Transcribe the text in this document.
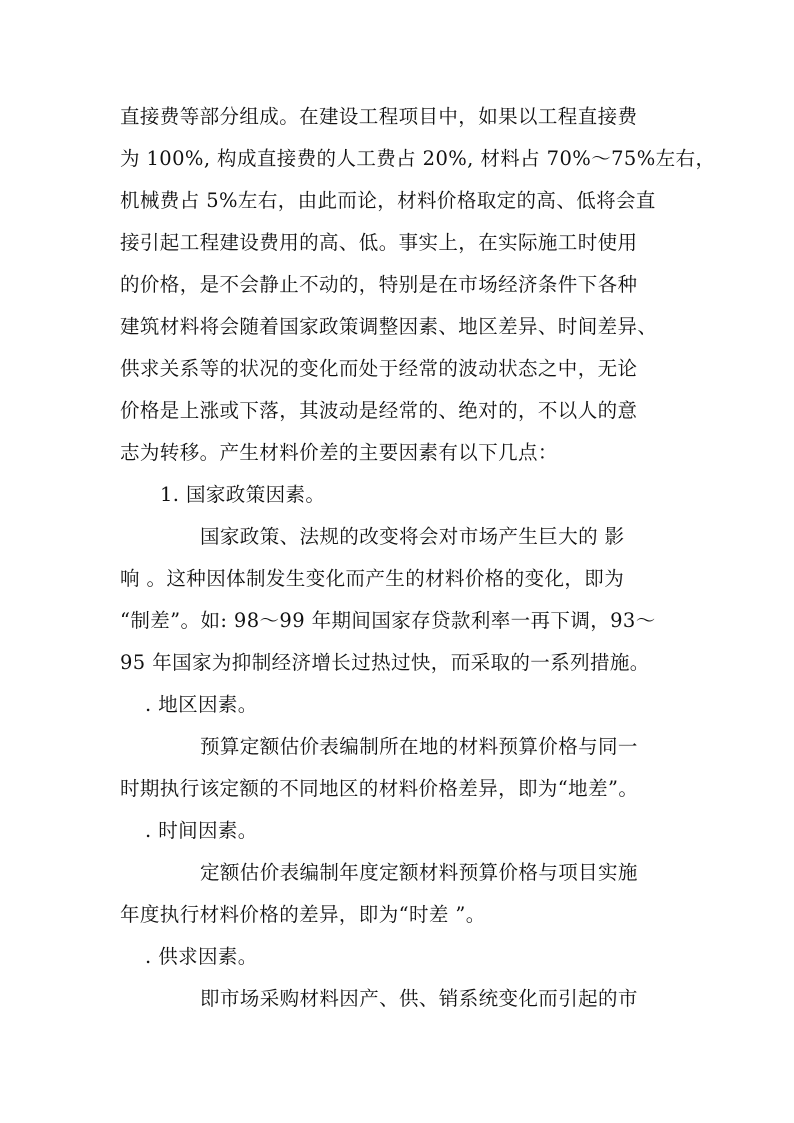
直接费等部分组成。在建设工程项目中，如果以工程直接费
为 100%, 构成直接费的人工费占 20%, 材料占 70%～75%左右，
机械费占 5%左右，由此而论，材料价格取定的高、低将会直
接引起工程建设费用的高、低。事实上，在实际施工时使用
的价格，是不会静止不动的，特别是在市场经济条件下各种
建筑材料将会随着国家政策调整因素、地区差异、时间差异、
供求关系等的状况的变化而处于经常的波动状态之中，无论
价格是上涨或下落，其波动是经常的、绝对的，不以人的意
志为转移。产生材料价差的主要因素有以下几点：
1. 国家政策因素。
国家政策、法规的改变将会对市场产生巨大的 影
响 。这种因体制发生变化而产生的材料价格的变化，即为
“制差”。如: 98～99 年期间国家存贷款利率一再下调，93～
95 年国家为抑制经济增长过热过快，而采取的一系列措施。
. 地区因素。
预算定额估价表编制所在地的材料预算价格与同一
时期执行该定额的不同地区的材料价格差异，即为“地差”。
. 时间因素。
定额估价表编制年度定额材料预算价格与项目实施
年度执行材料价格的差异，即为“时差 ”。
. 供求因素。
即市场采购材料因产、供、销系统变化而引起的市
